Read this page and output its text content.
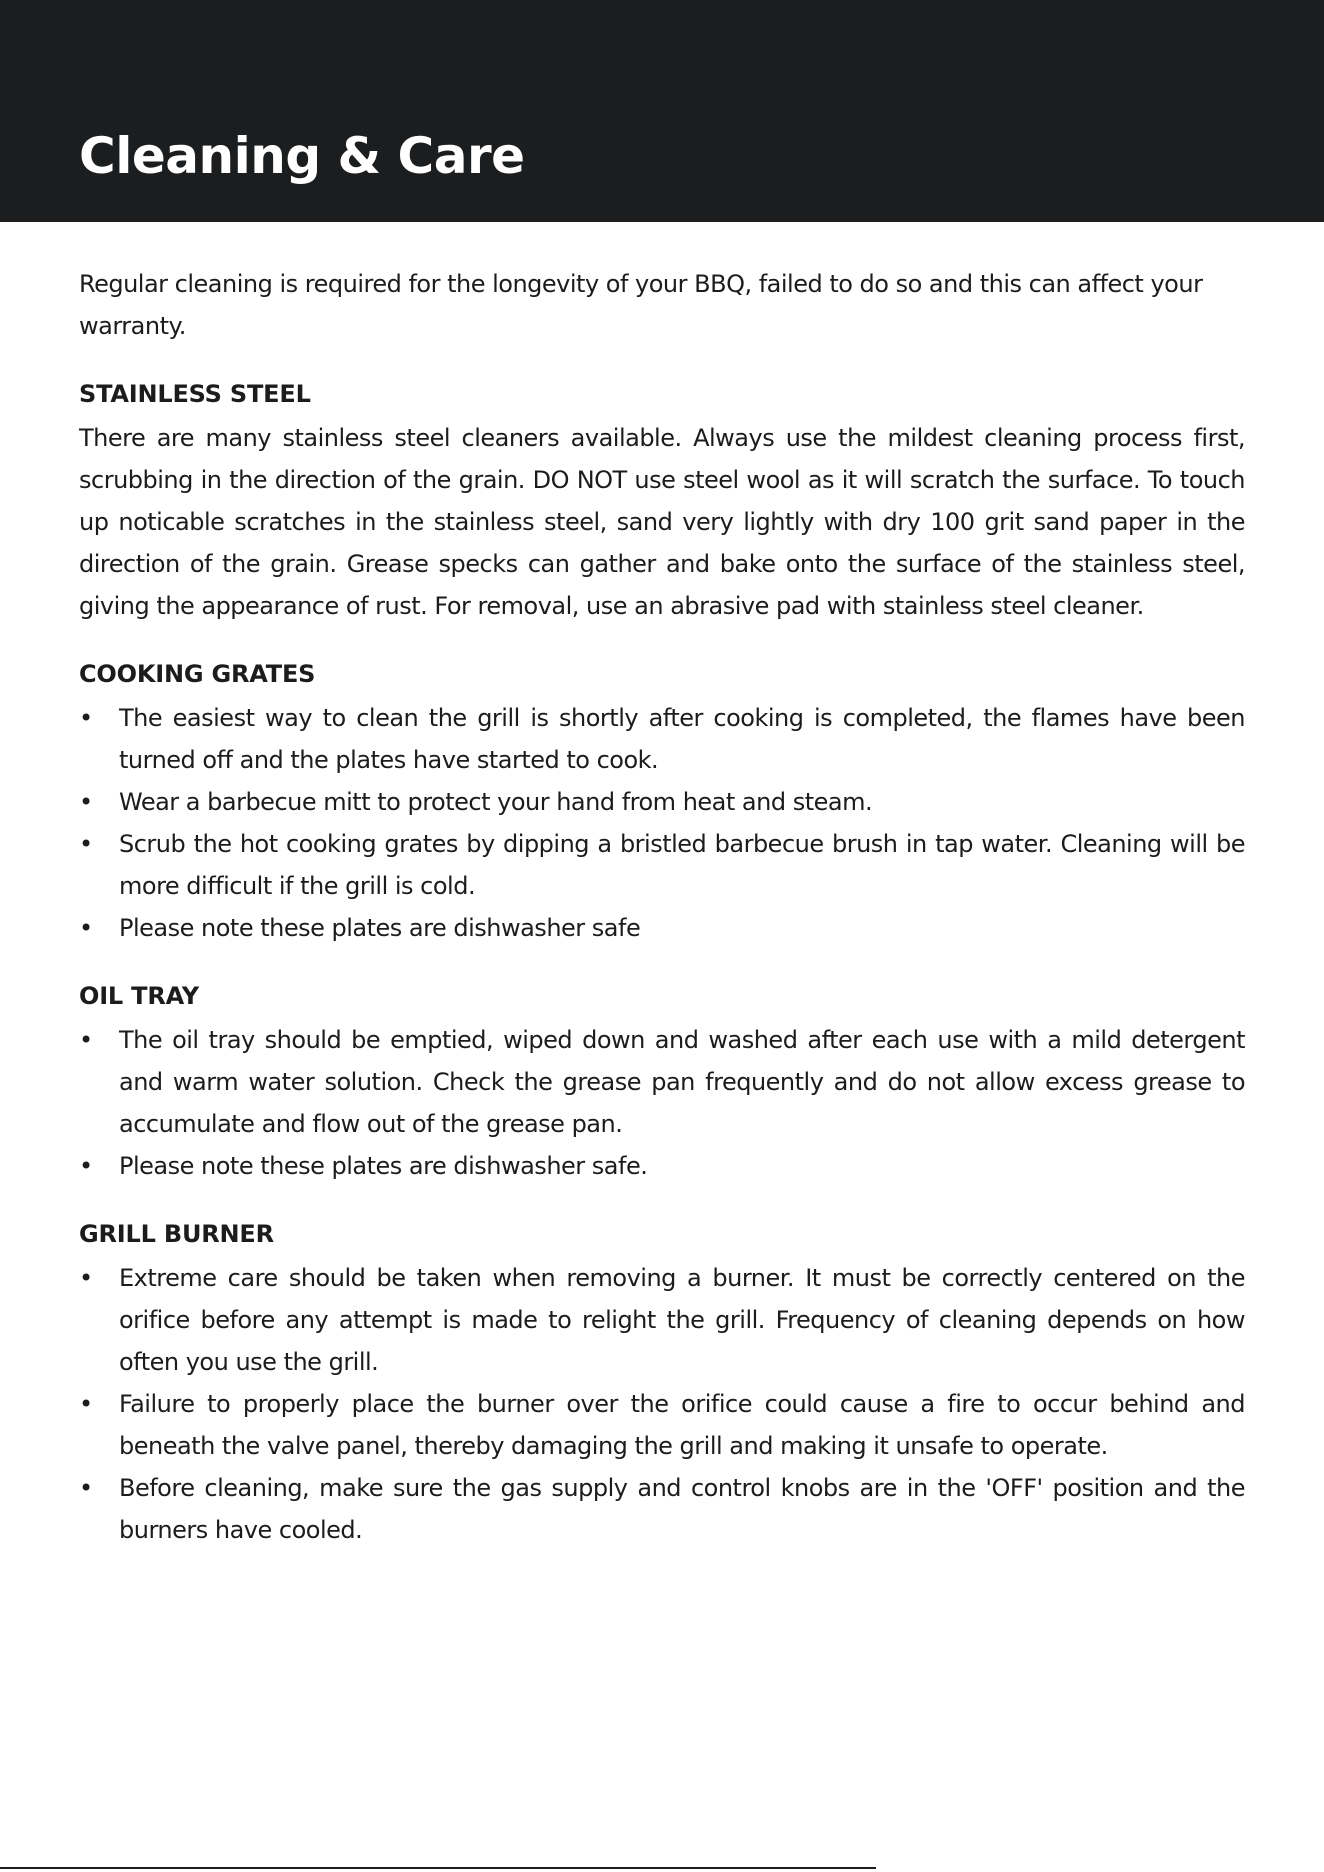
Cleaning & Care

Regular cleaning is required for the longevity of your BBQ, failed to do so and this can affect your warranty.

STAINLESS STEEL

There are many stainless steel cleaners available. Always use the mildest cleaning process first, scrubbing in the direction of the grain. DO NOT use steel wool as it will scratch the surface. To touch up noticable scratches in the stainless steel, sand very lightly with dry 100 grit sand paper in the direction of the grain. Grease specks can gather and bake onto the surface of the stainless steel, giving the appearance of rust. For removal, use an abrasive pad with stainless steel cleaner.

COOKING GRATES
• The easiest way to clean the grill is shortly after cooking is completed, the flames have been turned off and the plates have started to cook.
• Wear a barbecue mitt to protect your hand from heat and steam.
• Scrub the hot cooking grates by dipping a bristled barbecue brush in tap water. Cleaning will be more difficult if the grill is cold.
• Please note these plates are dishwasher safe
OIL TRAY
• The oil tray should be emptied, wiped down and washed after each use with a mild detergent and warm water solution. Check the grease pan frequently and do not allow excess grease to accumulate and flow out of the grease pan.
• Please note these plates are dishwasher safe.
GRILL BURNER
• Extreme care should be taken when removing a burner. It must be correctly centered on the orifice before any attempt is made to relight the grill. Frequency of cleaning depends on how often you use the grill.
• Failure to properly place the burner over the orifice could cause a fire to occur behind and beneath the valve panel, thereby damaging the grill and making it unsafe to operate.
• Before cleaning, make sure the gas supply and control knobs are in the 'OFF' position and the burners have cooled.
